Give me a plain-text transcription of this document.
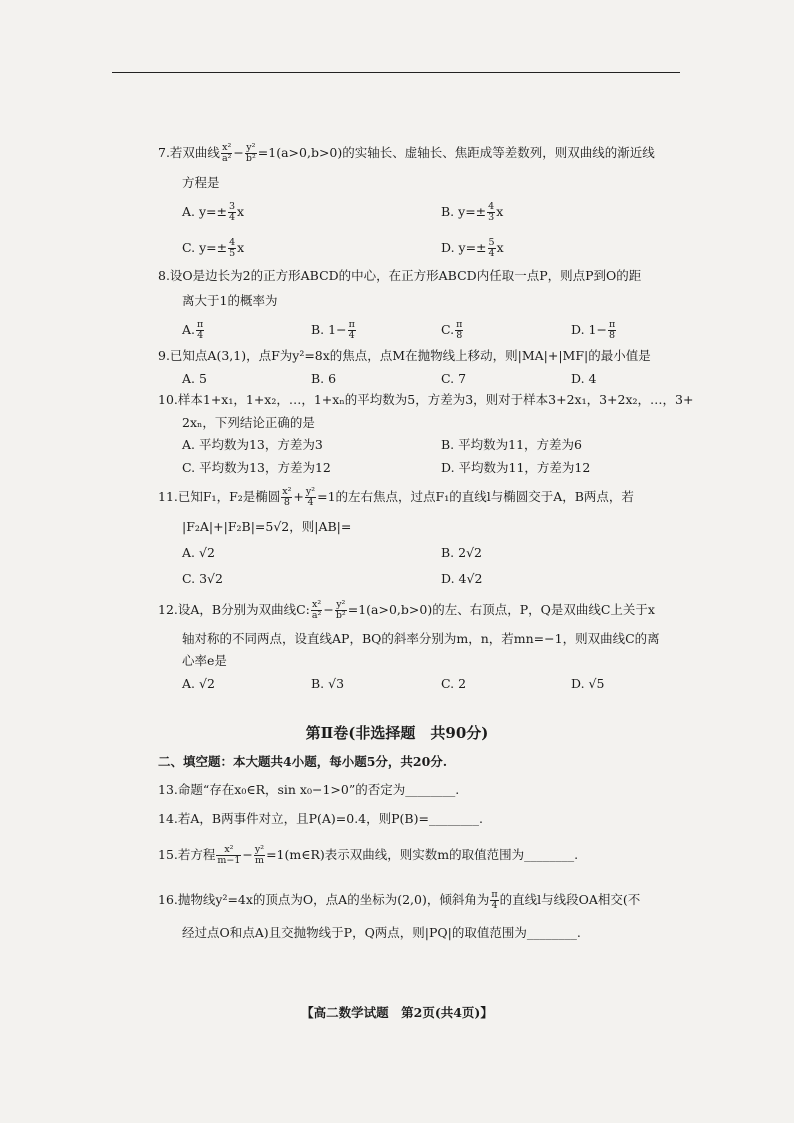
7.若双曲线 $\frac{\text{x²}}{\text{a²}} - \frac{\text{y²}}{\text{b²}} =1(a>0,b>0)$的实轴长、虚轴长、焦距成等差数列，则双曲线的渐近线
方程是
A. $y=\pm \frac{3}{4}$ x	B. $y=\pm \frac{4}{3}$ x
C. $y=\pm \frac{4}{5}$ x	D. $y=\pm \frac{5}{4}$ x
8.设O是边长为2的正方形ABCD的中心，在正方形ABCD内任取一点P，则点P到O的距
离大于1的概率为
A. $\frac{\pi}{4}$	B. $1- \frac{\pi}{4}$	C. $\frac{\pi}{8}$	D. $1- \frac{\pi}{8}$
9.已知点A(3,1)，点F为y²=8x的焦点，点M在抛物线上移动，则|MA|+|MF|的最小值是
A. 5	B. 6	C. 7	D. 4
10.样本1+x₁，1+x₂，…，1+xₙ的平均数为5，方差为3，则对于样本3+2x₁，3+2x₂，…，3+
2xₙ，下列结论正确的是
A. 平均数为13，方差为3	B. 平均数为11，方差为6
C. 平均数为13，方差为12	D. 平均数为11，方差为12
11.已知F₁，F₂是椭圆 $\frac{\text{x²}}{8} + \frac{\text{y²}}{4} =1$的左右焦点，过点F₁的直线l与椭圆交于A，B两点，若
|F₂A|+|F₂B|=5√2，则|AB|=
A. √2	B. 2√2
C. 3√2	D. 4√2
12.设A，B分别为双曲线C: $\frac{\text{x²}}{\text{a²}} - \frac{\text{y²}}{\text{b²}} =1(a>0,b>0)$的左、右顶点，P，Q是双曲线C上关于x
轴对称的不同两点，设直线AP，BQ的斜率分别为m，n，若mn=−1，则双曲线C的离
心率e是
A. √2	B. √3	C. 2	D. √5
第Ⅱ卷(非选择题　共90分)
二、填空题：本大题共4小题，每小题5分，共20分.
13.命题“存在x₀∈R，sin x₀−1>0”的否定为________.
14.若A，B两事件对立，且P(A)=0.4，则P(B)=________.
15.若方程 $\frac{\text{x²}}{m-1} - \frac{\text{y²}}{m}$ =1(m∈R)表示双曲线，则实数m的取值范围为________.
16.抛物线y²=4x的顶点为O，点A的坐标为(2,0)，倾斜角为 $\frac{\pi}{4}$ 的直线l与线段OA相交(不
经过点O和点A)且交抛物线于P，Q两点，则|PQ|的取值范围为________.
【高二数学试题　第2页(共4页)】
